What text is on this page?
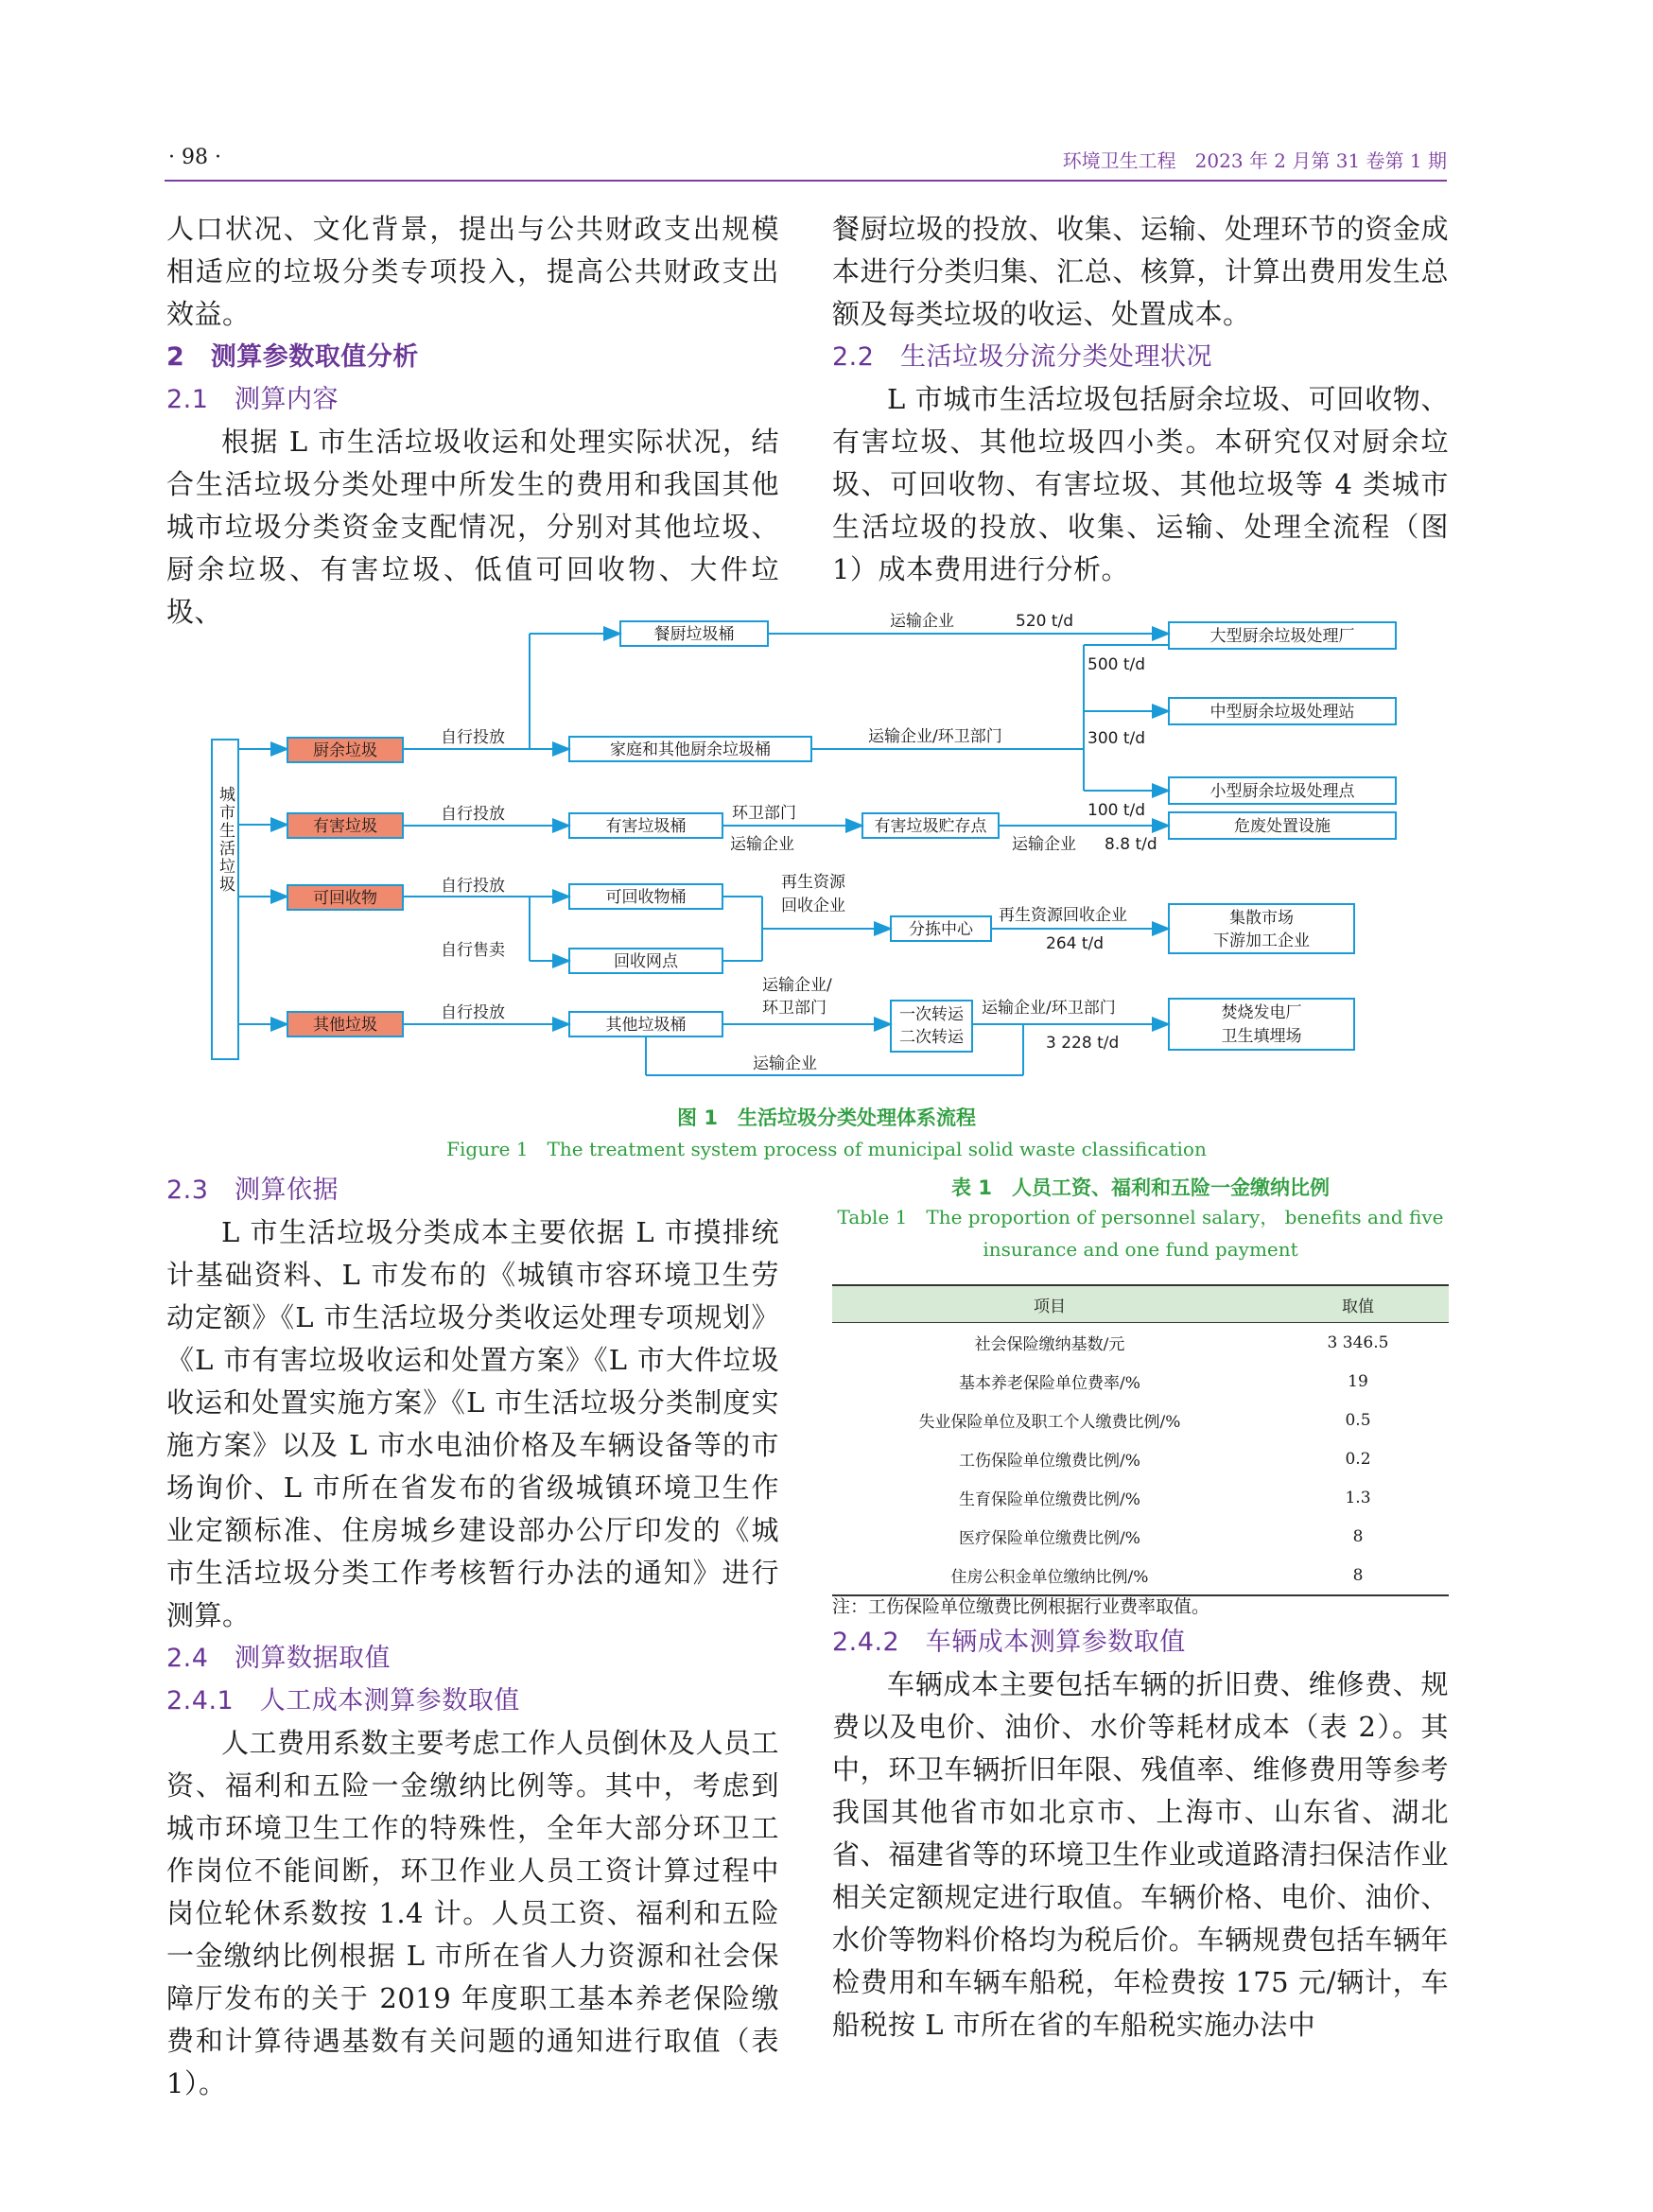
· 98 ·	环境卫生工程　2023 年 2 月第 31 卷第 1 期

人口状况、文化背景，提出与公共财政支出规模相适应的垃圾分类专项投入，提高公共财政支出效益。

2　测算参数取值分析

2.1　测算内容

根据 L 市生活垃圾收运和处理实际状况，结合生活垃圾分类处理中所发生的费用和我国其他城市垃圾分类资金支配情况，分别对其他垃圾、厨余垃圾、有害垃圾、低值可回收物、大件垃圾、

餐厨垃圾的投放、收集、运输、处理环节的资金成本进行分类归集、汇总、核算，计算出费用发生总额及每类垃圾的收运、处置成本。

2.2　生活垃圾分流分类处理状况

L 市城市生活垃圾包括厨余垃圾、可回收物、有害垃圾、其他垃圾四小类。本研究仅对厨余垃圾、可回收物、有害垃圾、其他垃圾等 4 类城市生活垃圾的投放、收集、运输、处理全流程（图 1）成本费用进行分析。

城市生活垃圾
厨余垃圾
有害垃圾
可回收物
其他垃圾
自行投放
自行投放
自行投放
自行售卖
自行投放
餐厨垃圾桶
家庭和其他厨余垃圾桶
有害垃圾桶	有害垃圾贮存点
可回收物桶
回收网点
分拣中心
其他垃圾桶
一次转运
二次转运
大型厨余垃圾处理厂
中型厨余垃圾处理站
小型厨余垃圾处理点
危废处置设施
集散市场
下游加工企业
焚烧发电厂
卫生填埋场
运输企业	520 t/d
500 t/d
300 t/d
100 t/d
运输企业/环卫部门
环卫部门
运输企业	运输企业 8.8 t/d
再生资源
回收企业	再生资源回收企业
264 t/d
运输企业/
环卫部门	运输企业/环卫部门
3 228 t/d
运输企业
图 1　生活垃圾分类处理体系流程
Figure 1　The treatment system process of municipal solid waste classification

2.3　测算依据

L 市生活垃圾分类成本主要依据 L 市摸排统计基础资料、L 市发布的《城镇市容环境卫生劳动定额》《L 市生活垃圾分类收运处理专项规划》《L 市有害垃圾收运和处置方案》《L 市大件垃圾收运和处置实施方案》《L 市生活垃圾分类制度实施方案》以及 L 市水电油价格及车辆设备等的市场询价、L 市所在省发布的省级城镇环境卫生作业定额标准、住房城乡建设部办公厅印发的《城市生活垃圾分类工作考核暂行办法的通知》进行测算。

2.4　测算数据取值

2.4.1　人工成本测算参数取值

人工费用系数主要考虑工作人员倒休及人员工资、福利和五险一金缴纳比例等。其中，考虑到城市环境卫生工作的特殊性，全年大部分环卫工作岗位不能间断，环卫作业人员工资计算过程中岗位轮休系数按 1.4 计。人员工资、福利和五险一金缴纳比例根据 L 市所在省人力资源和社会保障厅发布的关于 2019 年度职工基本养老保险缴费和计算待遇基数有关问题的通知进行取值（表 1）。

表 1　人员工资、福利和五险一金缴纳比例
Table 1　The proportion of personnel salary， benefits and five insurance and one fund payment
项目	取值
社会保险缴纳基数/元	3 346.5
基本养老保险单位费率/%	19
失业保险单位及职工个人缴费比例/%	0.5
工伤保险单位缴费比例/%	0.2
生育保险单位缴费比例/%	1.3
医疗保险单位缴费比例/%	8
住房公积金单位缴纳比例/%	8
注：工伤保险单位缴费比例根据行业费率取值。

2.4.2　车辆成本测算参数取值

车辆成本主要包括车辆的折旧费、维修费、规费以及电价、油价、水价等耗材成本（表 2）。其中，环卫车辆折旧年限、残值率、维修费用等参考我国其他省市如北京市、上海市、山东省、湖北省、福建省等的环境卫生作业或道路清扫保洁作业相关定额规定进行取值。车辆价格、电价、油价、水价等物料价格均为税后价。车辆规费包括车辆年检费用和车辆车船税，年检费按 175 元/辆计，车船税按 L 市所在省的车船税实施办法中
